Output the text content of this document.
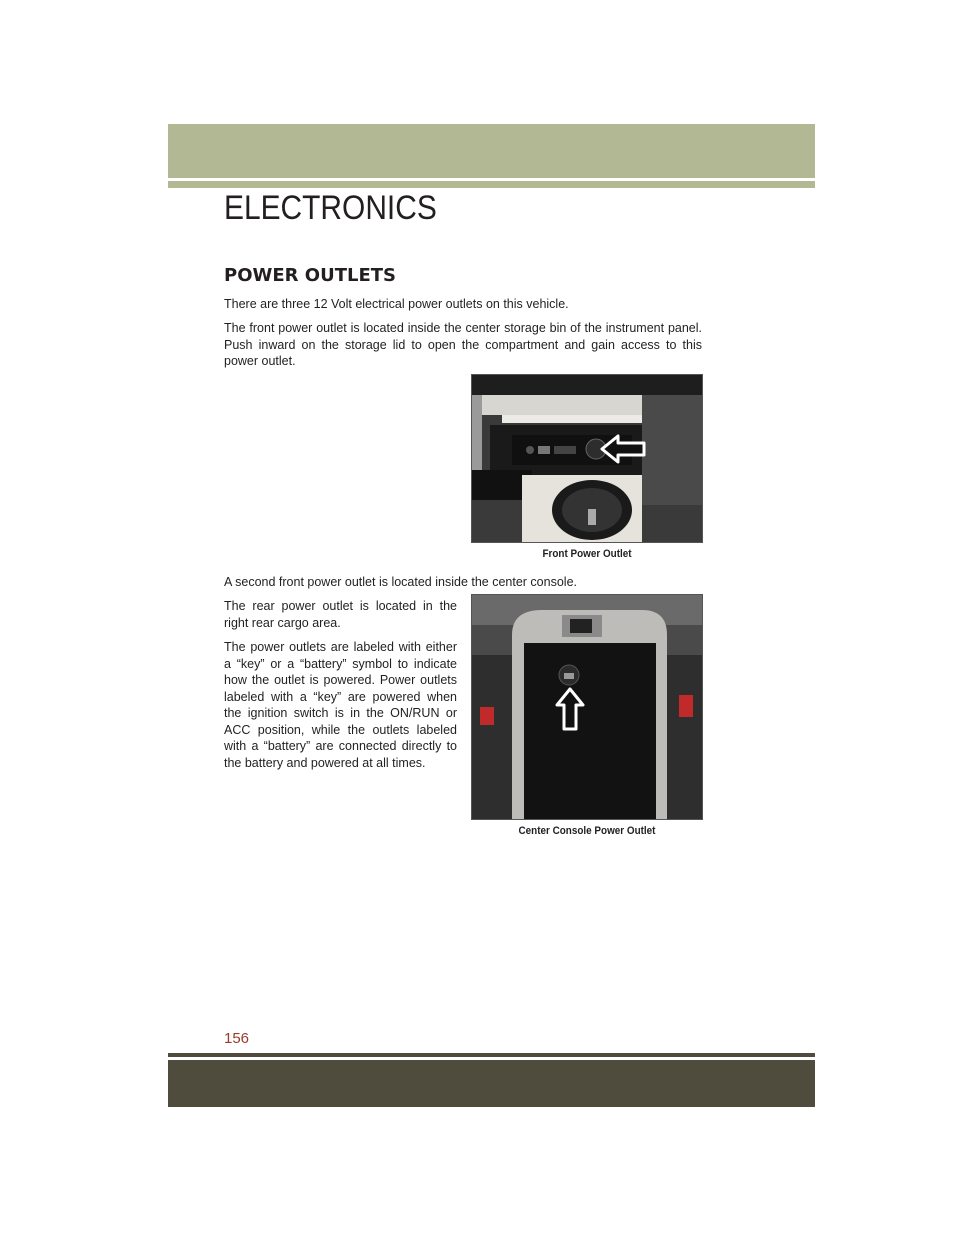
ELECTRONICS
POWER OUTLETS

There are three 12 Volt electrical power outlets on this vehicle.

The front power outlet is located inside the center storage bin of the instrument panel. Push inward on the storage lid to open the compartment and gain access to this power outlet.

Front Power Outlet

A second front power outlet is located inside the center console.

The rear power outlet is located in the right rear cargo area.

The power outlets are labeled with either a “key” or a “battery” symbol to indicate how the outlet is powered. Power outlets labeled with a “key” are powered when the ignition switch is in the ON/RUN or ACC position, while the outlets labeled with a “battery” are connected directly to the battery and powered at all times.

Center Console Power Outlet

156
